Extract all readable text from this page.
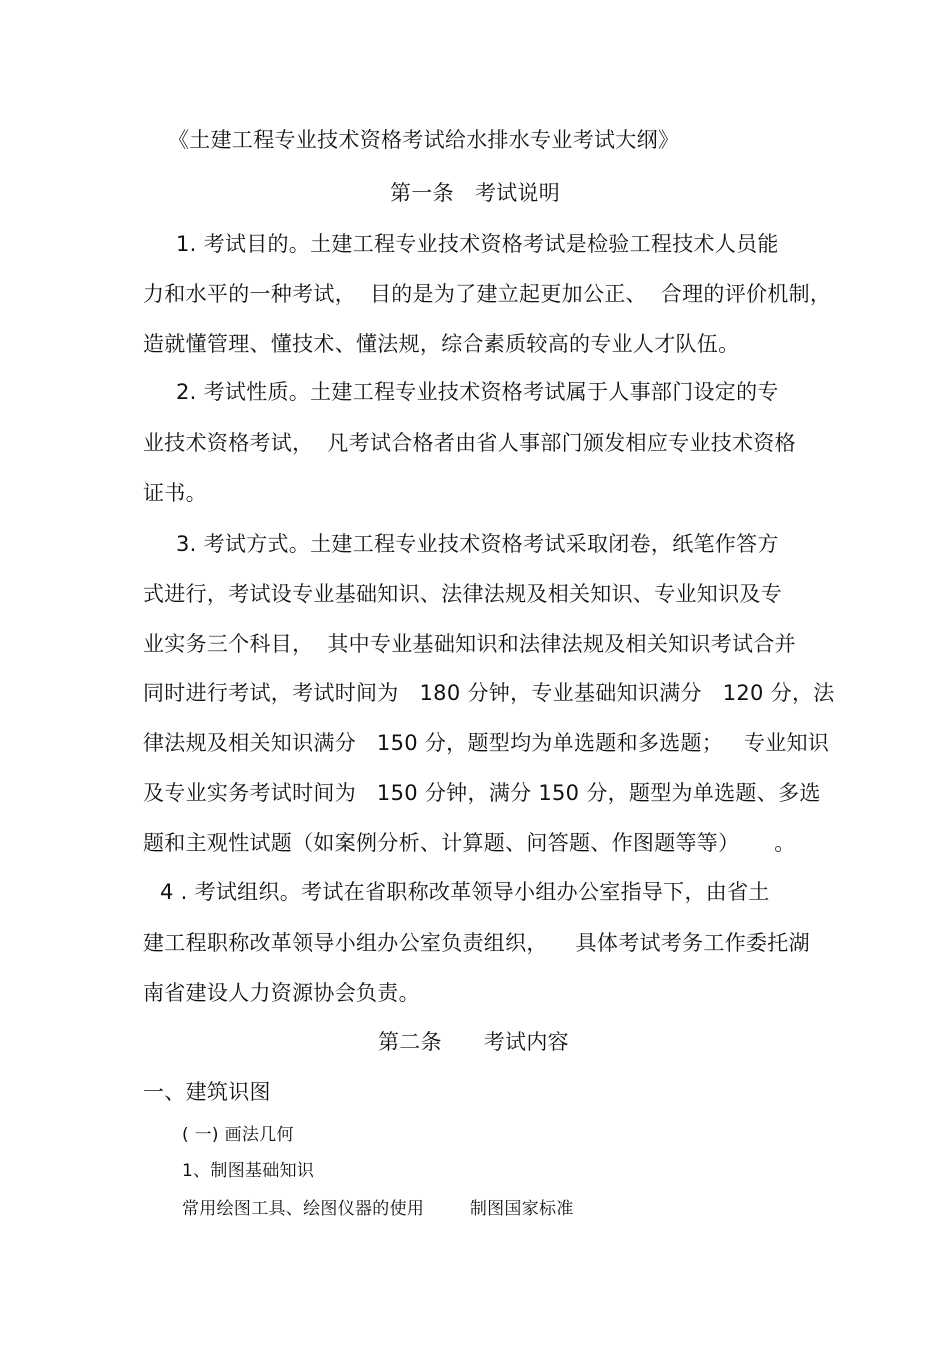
《土建工程专业技术资格考试给水排水专业考试大纲》
第一条   考试说明
1. 考试目的。土建工程专业技术资格考试是检验工程技术人员能
力和水平的一种考试，  目的是为了建立起更加公正、  合理的评价机制，
造就懂管理、懂技术、懂法规，综合素质较高的专业人才队伍。
2. 考试性质。土建工程专业技术资格考试属于人事部门设定的专
业技术资格考试，  凡考试合格者由省人事部门颁发相应专业技术资格
证书。
3. 考试方式。土建工程专业技术资格考试采取闭卷，纸笔作答方
式进行，考试设专业基础知识、法律法规及相关知识、专业知识及专
业实务三个科目，  其中专业基础知识和法律法规及相关知识考试合并
同时进行考试，考试时间为   180 分钟，专业基础知识满分   120 分，法
律法规及相关知识满分   150 分，题型均为单选题和多选题；   专业知识
及专业实务考试时间为   150 分钟，满分 150 分，题型为单选题、多选
题和主观性试题（如案例分析、计算题、问答题、作图题等等）     。
4 . 考试组织。考试在省职称改革领导小组办公室指导下，由省土
建工程职称改革领导小组办公室负责组织，    具体考试考务工作委托湖
南省建设人力资源协会负责。
第二条      考试内容
一、建筑识图
( 一) 画法几何
1、制图基础知识
常用绘图工具、绘图仪器的使用        制图国家标准
